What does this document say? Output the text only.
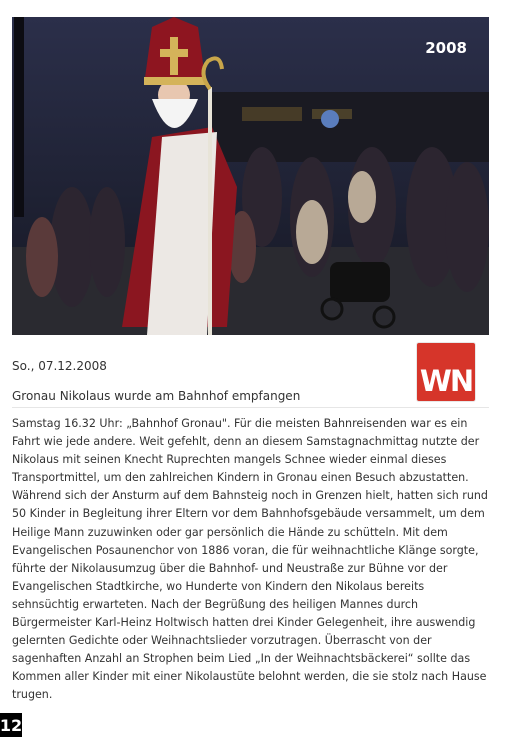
2008
So., 07.12.2008
Gronau Nikolaus wurde am Bahnhof empfangen	WN

Samstag 16.32 Uhr: „Bahnhof Gronau". Für die meisten Bahnreisenden war es ein Fahrt wie jede andere. Weit gefehlt, denn an diesem Samstagnachmittag nutzte der Nikolaus mit seinen Knecht Ruprechten mangels Schnee wieder einmal dieses Transportmittel, um den zahlreichen Kindern in Gronau einen Besuch abzustatten. Während sich der Ansturm auf dem Bahnsteig noch in Grenzen hielt, hatten sich rund 50 Kinder in Begleitung ihrer Eltern vor dem Bahnhofsgebäude versammelt, um dem Heilige Mann zuzuwinken oder gar persönlich die Hände zu schütteln. Mit dem Evangelischen Posaunenchor von 1886 voran, die für weihnachtliche Klänge sorgte, führte der Nikolausumzug über die Bahnhof- und Neustraße zur Bühne vor der Evangelischen Stadtkirche, wo Hunderte von Kindern den Nikolaus bereits sehnsüchtig erwarteten. Nach der Begrüßung des heiligen Mannes durch Bürgermeister Karl-Heinz Holtwisch hatten drei Kinder Gelegenheit, ihre auswendig gelernten Gedichte oder Weihnachtslieder vorzutragen. Überrascht von der sagenhaften Anzahl an Strophen beim Lied „In der Weihnachtsbäckerei“ sollte das Kommen aller Kinder mit einer Nikolaustüte belohnt werden, die sie stolz nach Hause trugen.

12
